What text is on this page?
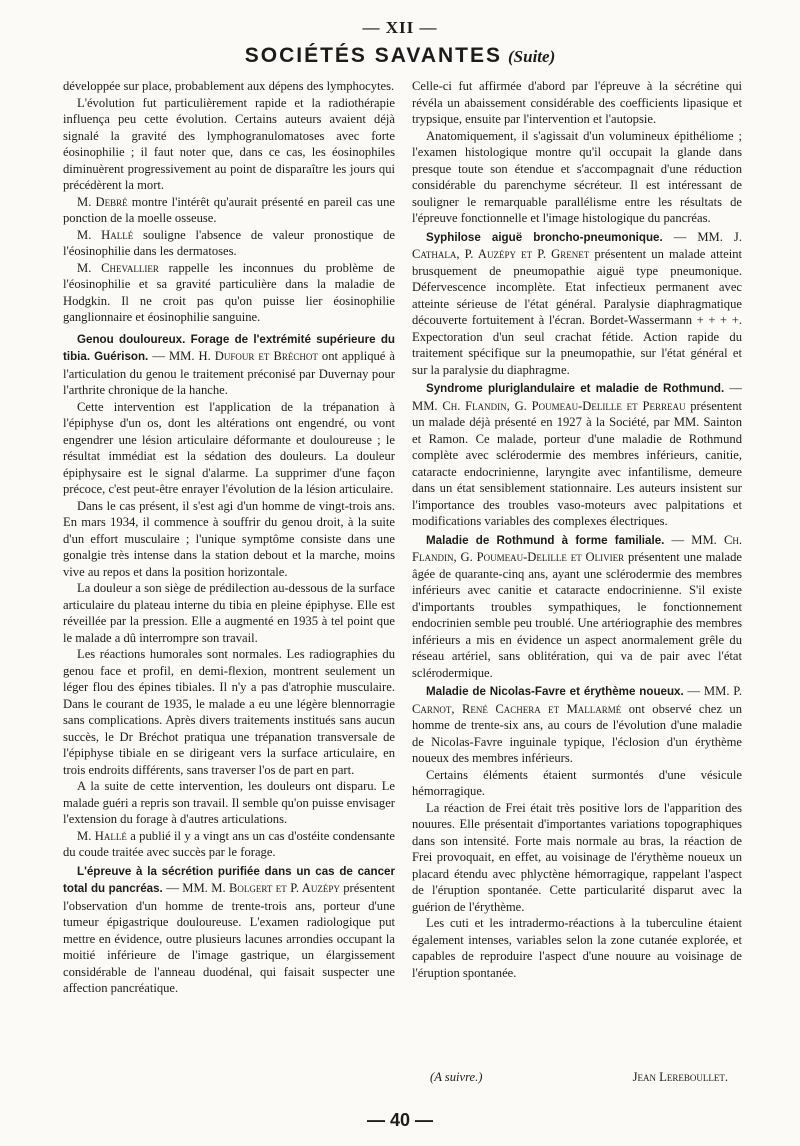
— XII —
SOCIÉTÉS SAVANTES (Suite)

développée sur place, probablement aux dépens des lymphocytes.

L'évolution fut particulièrement rapide et la radiothérapie influença peu cette évolution. Certains auteurs avaient déjà signalé la gravité des lymphogranulomatoses avec forte éosinophilie ; il faut noter que, dans ce cas, les éosinophiles diminuèrent progressivement au point de disparaître les jours qui précédèrent la mort.

M. Debré montre l'intérêt qu'aurait présenté en pareil cas une ponction de la moelle osseuse.

M. Hallé souligne l'absence de valeur pronostique de l'éosinophilie dans les dermatoses.

M. Chevallier rappelle les inconnues du problème de l'éosinophilie et sa gravité particulière dans la maladie de Hodgkin. Il ne croit pas qu'on puisse lier éosinophilie ganglionnaire et éosinophilie sanguine.

Genou douloureux. Forage de l'extrémité supérieure du tibia. Guérison. — MM. H. Dufour et Bréchot ont appliqué à l'articulation du genou le traitement préconisé par Duvernay pour l'arthrite chronique de la hanche.

Cette intervention est l'application de la trépanation à l'épiphyse d'un os, dont les altérations ont engendré, ou vont engendrer une lésion articulaire déformante et douloureuse ; le résultat immédiat est la sédation des douleurs. La douleur épiphysaire est le signal d'alarme. La supprimer d'une façon précoce, c'est peut-être enrayer l'évolution de la lésion articulaire.

Dans le cas présent, il s'est agi d'un homme de vingt-trois ans. En mars 1934, il commence à souffrir du genou droit, à la suite d'un effort musculaire ; l'unique symptôme consiste dans une gonalgie très intense dans la station debout et la marche, moins vive au repos et dans la position horizontale.

La douleur a son siège de prédilection au-dessous de la surface articulaire du plateau interne du tibia en pleine épiphyse. Elle est réveillée par la pression. Elle a augmenté en 1935 à tel point que le malade a dû interrompre son travail.

Les réactions humorales sont normales. Les radiographies du genou face et profil, en demi-flexion, montrent seulement un léger flou des épines tibiales. Il n'y a pas d'atrophie musculaire. Dans le courant de 1935, le malade a eu une légère blennorragie sans complications. Après divers traitements institués sans aucun succès, le Dr Bréchot pratiqua une trépanation transversale de l'épiphyse tibiale en se dirigeant vers la surface articulaire, en trois endroits différents, sans traverser l'os de part en part.

A la suite de cette intervention, les douleurs ont disparu. Le malade guéri a repris son travail. Il semble qu'on puisse envisager l'extension du forage à d'autres articulations.

M. Hallé a publié il y a vingt ans un cas d'ostéite condensante du coude traitée avec succès par le forage.

L'épreuve à la sécrétion purifiée dans un cas de cancer total du pancréas. — MM. M. Bolgert et P. Auzépy présentent l'observation d'un homme de trente-trois ans, porteur d'une tumeur épigastrique douloureuse. L'examen radiologique put mettre en évidence, outre plusieurs lacunes arrondies occupant la moitié inférieure de l'image gastrique, un élargissement considérable de l'anneau duodénal, qui faisait suspecter une affection pancréatique.

Celle-ci fut affirmée d'abord par l'épreuve à la sécrétine qui révéla un abaissement considérable des coefficients lipasique et trypsique, ensuite par l'intervention et l'autopsie.

Anatomiquement, il s'agissait d'un volumineux épithéliome ; l'examen histologique montre qu'il occupait la glande dans presque toute son étendue et s'accompagnait d'une réduction considérable du parenchyme sécréteur. Il est intéressant de souligner le remarquable parallélisme entre les résultats de l'épreuve fonctionnelle et l'image histologique du pancréas.

Syphilose aiguë broncho-pneumonique. — MM. J. Cathala, P. Auzépy et P. Grenet présentent un malade atteint brusquement de pneumopathie aiguë type pneumonique. Défervescence incomplète. Etat infectieux permanent avec atteinte sérieuse de l'état général. Paralysie diaphragmatique découverte fortuitement à l'écran. Bordet-Wassermann + + + +. Expectoration d'un seul crachat fétide. Action rapide du traitement spécifique sur la pneumopathie, sur l'état général et sur la paralysie du diaphragme.

Syndrome pluriglandulaire et maladie de Rothmund. — MM. Ch. Flandin, G. Poumeau-Delille et Perreau présentent un malade déjà présenté en 1927 à la Société, par MM. Sainton et Ramon. Ce malade, porteur d'une maladie de Rothmund complète avec sclérodermie des membres inférieurs, canitie, cataracte endocrinienne, laryngite avec infantilisme, demeure dans un état sensiblement stationnaire. Les auteurs insistent sur l'importance des troubles vaso-moteurs avec palpitations et modifications variables des complexes électriques.

Maladie de Rothmund à forme familiale. — MM. Ch. Flandin, G. Poumeau-Delille et Olivier présentent une malade âgée de quarante-cinq ans, ayant une sclérodermie des membres inférieurs avec canitie et cataracte endocrinienne. S'il existe d'importants troubles sympathiques, le fonctionnement endocrinien semble peu troublé. Une artériographie des membres inférieurs a mis en évidence un aspect anormalement grêle du réseau artériel, sans oblitération, qui va de pair avec l'état sclérodermique.

Maladie de Nicolas-Favre et érythème noueux. — MM. P. Carnot, René Cachera et Mallarmé ont observé chez un homme de trente-six ans, au cours de l'évolution d'une maladie de Nicolas-Favre inguinale typique, l'éclosion d'un érythème noueux des membres inférieurs.

Certains éléments étaient surmontés d'une vésicule hémorragique.

La réaction de Frei était très positive lors de l'apparition des nouures. Elle présentait d'importantes variations topographiques dans son intensité. Forte mais normale au bras, la réaction de Frei provoquait, en effet, au voisinage de l'érythème noueux un placard étendu avec phlyctène hémorragique, rappelant l'aspect de l'éruption spontanée. Cette particularité disparut avec la guérion de l'érythème.

Les cuti et les intradermo-réactions à la tuberculine étaient également intenses, variables selon la zone cutanée explorée, et capables de reproduire l'aspect d'une nouure au voisinage de l'éruption spontanée.

(A suivre.)	Jean Lereboullet.
— 40 —
